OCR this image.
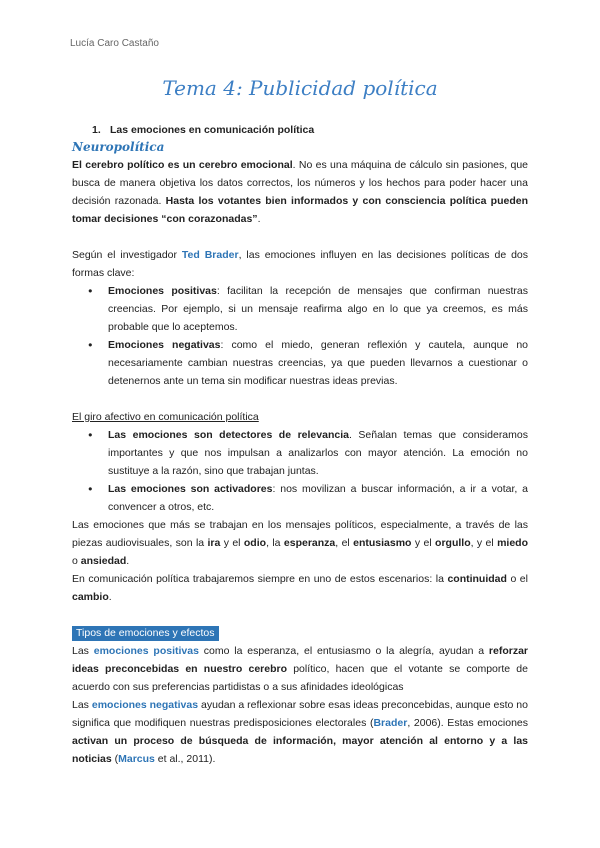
Lucía Caro Castaño
Tema 4: Publicidad política

1. Las emociones en comunicación política

Neuropolítica

El cerebro político es un cerebro emocional. No es una máquina de cálculo sin pasiones, que busca de manera objetiva los datos correctos, los números y los hechos para poder hacer una decisión razonada. Hasta los votantes bien informados y con consciencia política pueden tomar decisiones “con corazonadas”.

Según el investigador Ted Brader, las emociones influyen en las decisiones políticas de dos formas clave:

● Emociones positivas: facilitan la recepción de mensajes que confirman nuestras creencias. Por ejemplo, si un mensaje reafirma algo en lo que ya creemos, es más probable que lo aceptemos.
● Emociones negativas: como el miedo, generan reflexión y cautela, aunque no necesariamente cambian nuestras creencias, ya que pueden llevarnos a cuestionar o detenernos ante un tema sin modificar nuestras ideas previas.

El giro afectivo en comunicación política

● Las emociones son detectores de relevancia. Señalan temas que consideramos importantes y que nos impulsan a analizarlos con mayor atención. La emoción no sustituye a la razón, sino que trabajan juntas.
● Las emociones son activadores: nos movilizan a buscar información, a ir a votar, a convencer a otros, etc.

Las emociones que más se trabajan en los mensajes políticos, especialmente, a través de las piezas audiovisuales, son la ira y el odio, la esperanza, el entusiasmo y el orgullo, y el miedo o ansiedad.

En comunicación política trabajaremos siempre en uno de estos escenarios: la continuidad o el cambio.

Tipos de emociones y efectos

Las emociones positivas como la esperanza, el entusiasmo o la alegría, ayudan a reforzar ideas preconcebidas en nuestro cerebro político, hacen que el votante se comporte de acuerdo con sus preferencias partidistas o a sus afinidades ideológicas

Las emociones negativas ayudan a reflexionar sobre esas ideas preconcebidas, aunque esto no significa que modifiquen nuestras predisposiciones electorales (Brader, 2006). Estas emociones activan un proceso de búsqueda de información, mayor atención al entorno y a las noticias (Marcus et al., 2011).
